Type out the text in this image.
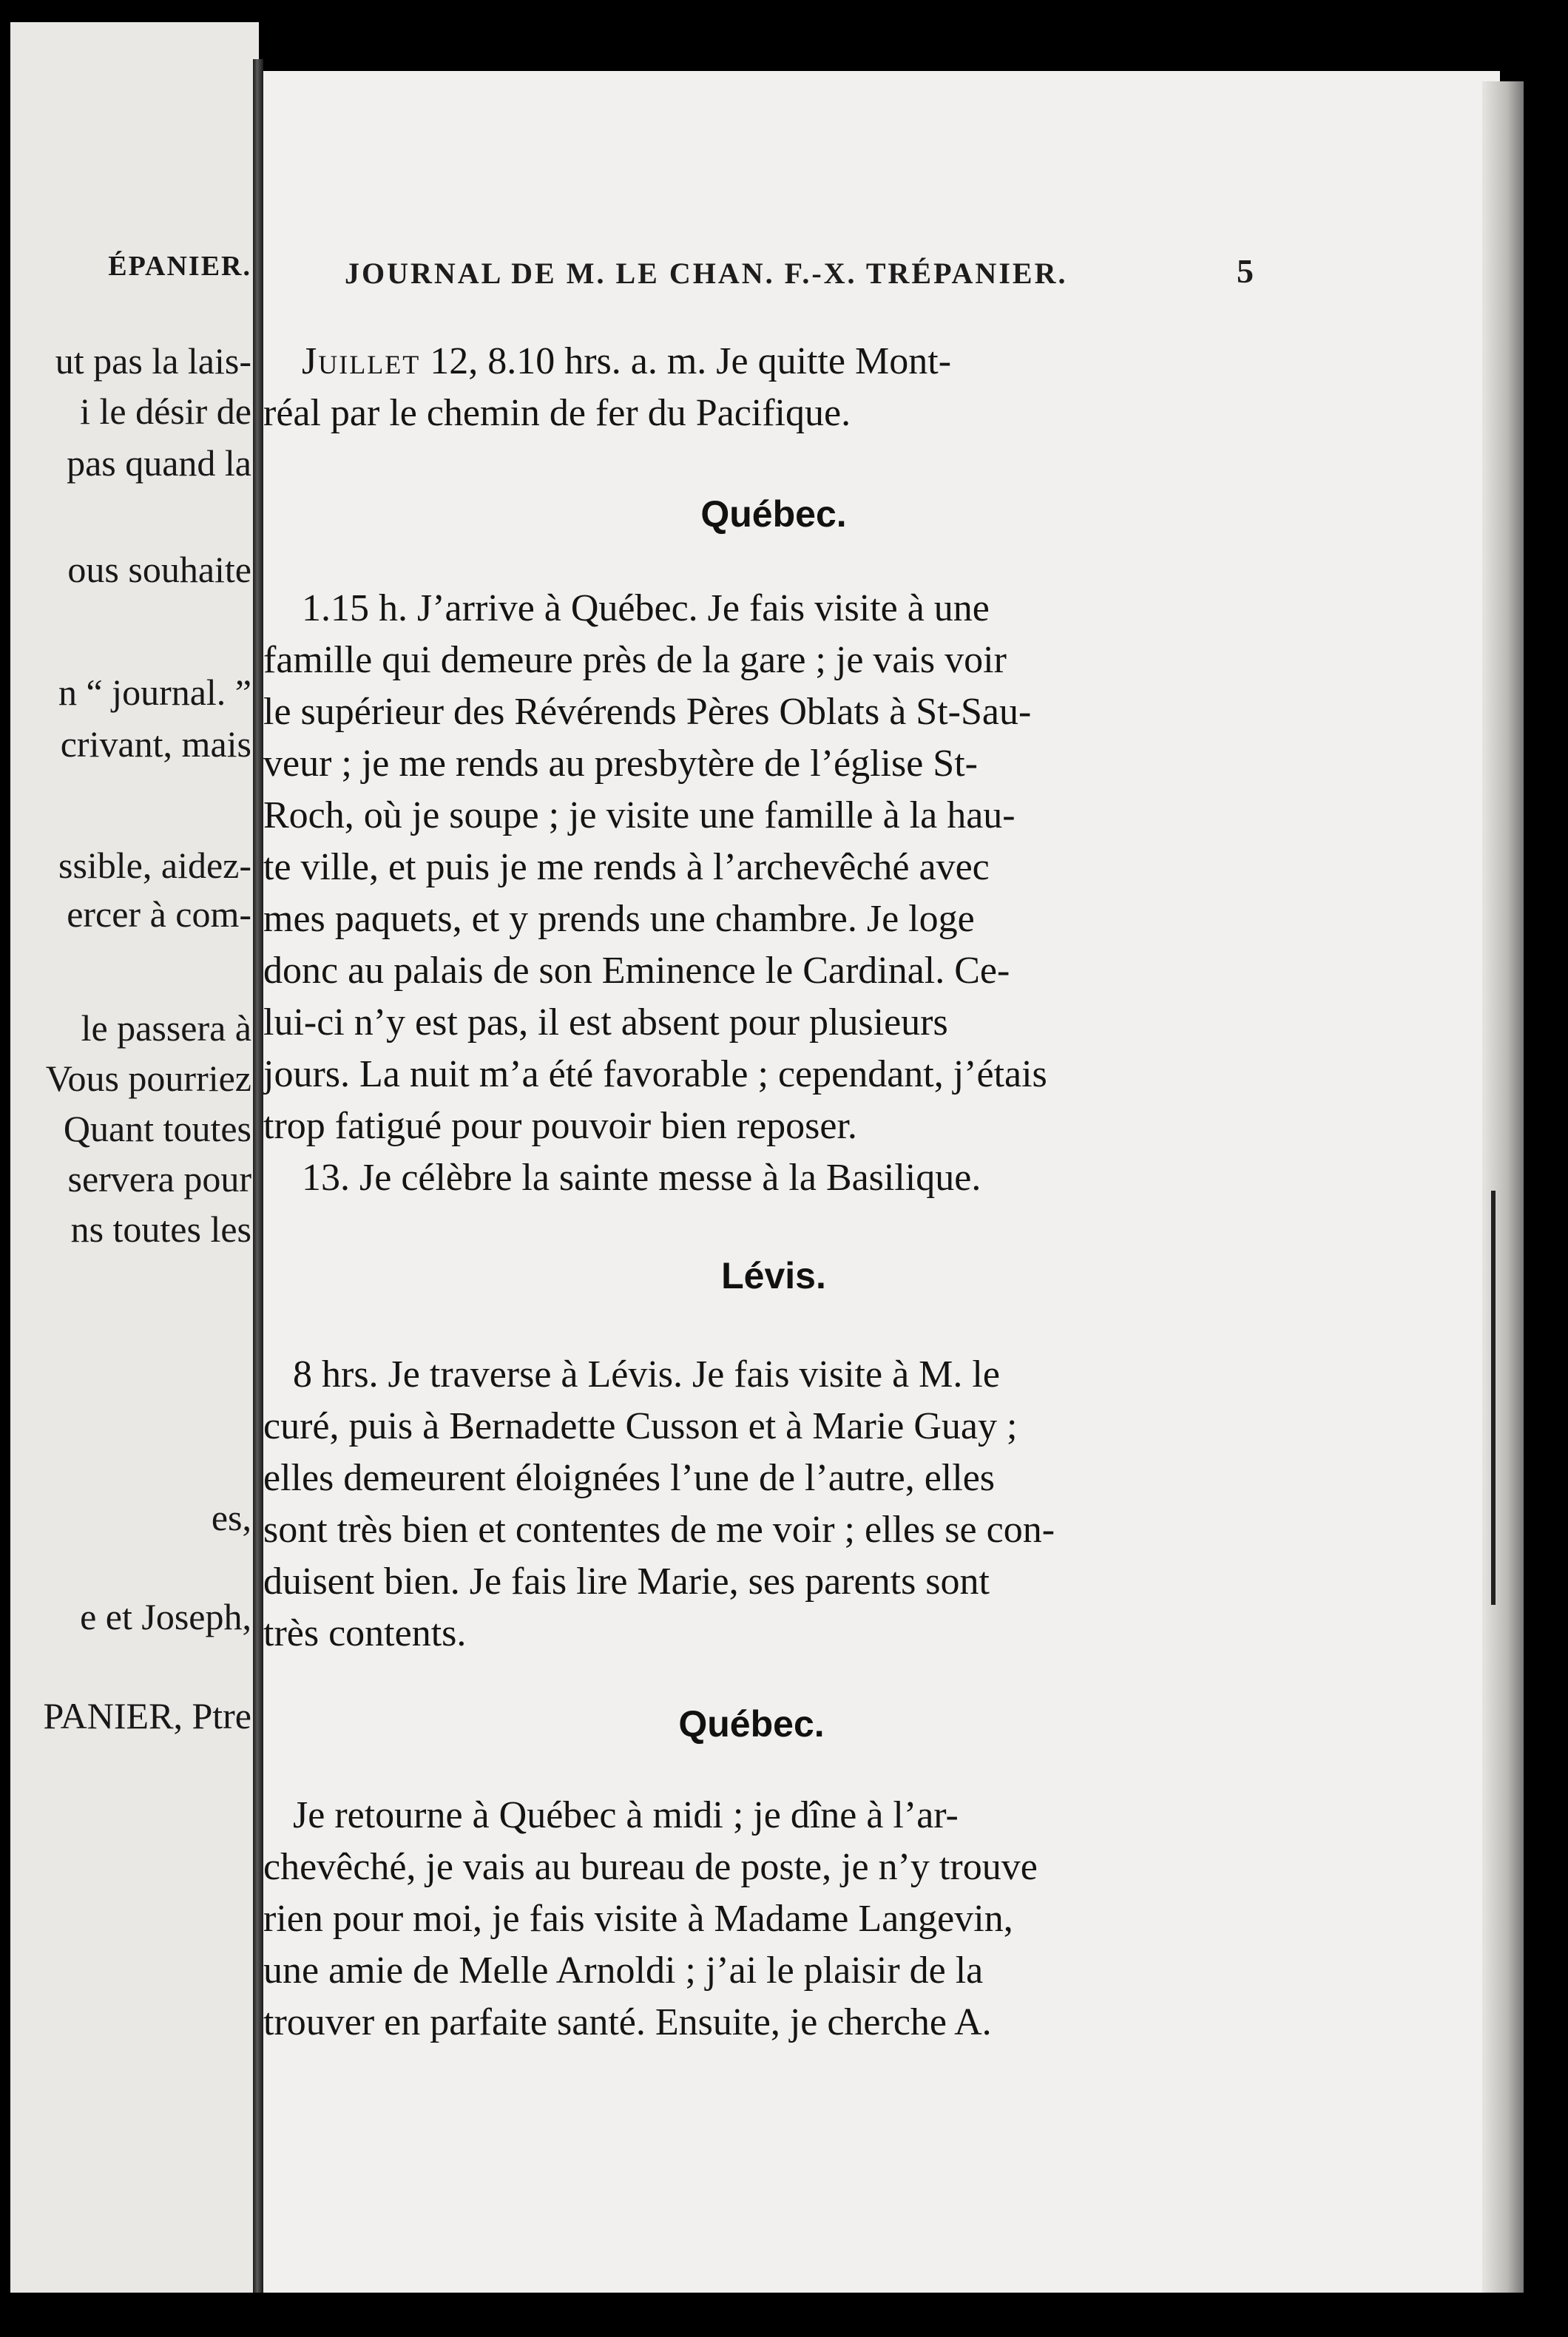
ÉPANIER.
ut pas la lais-
i le désir de
pas quand la
ous souhaite
n “ journal. ”
crivant, mais
ssible, aidez-
ercer à com-
le passera à
Vous pourriez
Quant toutes
servera pour
ns toutes les
es,
e et Joseph,
PANIER, Ptre
JOURNAL DE M. LE CHAN. F.-X. TRÉPANIER.	5
Juillet 12, 8.10 hrs. a. m. Je quitte Mont-
réal par le chemin de fer du Pacifique.
Québec.
1.15 h. J’arrive à Québec. Je fais visite à une
famille qui demeure près de la gare ; je vais voir
le supérieur des Révérends Pères Oblats à St-Sau-
veur ; je me rends au presbytère de l’église St-
Roch, où je soupe ; je visite une famille à la hau-
te ville, et puis je me rends à l’archevêché avec
mes paquets, et y prends une chambre. Je loge
donc au palais de son Eminence le Cardinal. Ce-
lui-ci n’y est pas, il est absent pour plusieurs
jours. La nuit m’a été favorable ; cependant, j’étais
trop fatigué pour pouvoir bien reposer.
13. Je célèbre la sainte messe à la Basilique.
Lévis.
8 hrs. Je traverse à Lévis. Je fais visite à M. le
curé, puis à Bernadette Cusson et à Marie Guay ;
elles demeurent éloignées l’une de l’autre, elles
sont très bien et contentes de me voir ; elles se con-
duisent bien. Je fais lire Marie, ses parents sont
très contents.
Québec.
Je retourne à Québec à midi ; je dîne à l’ar-
chevêché, je vais au bureau de poste, je n’y trouve
rien pour moi, je fais visite à Madame Langevin,
une amie de Melle Arnoldi ; j’ai le plaisir de la
trouver en parfaite santé. Ensuite, je cherche A.
